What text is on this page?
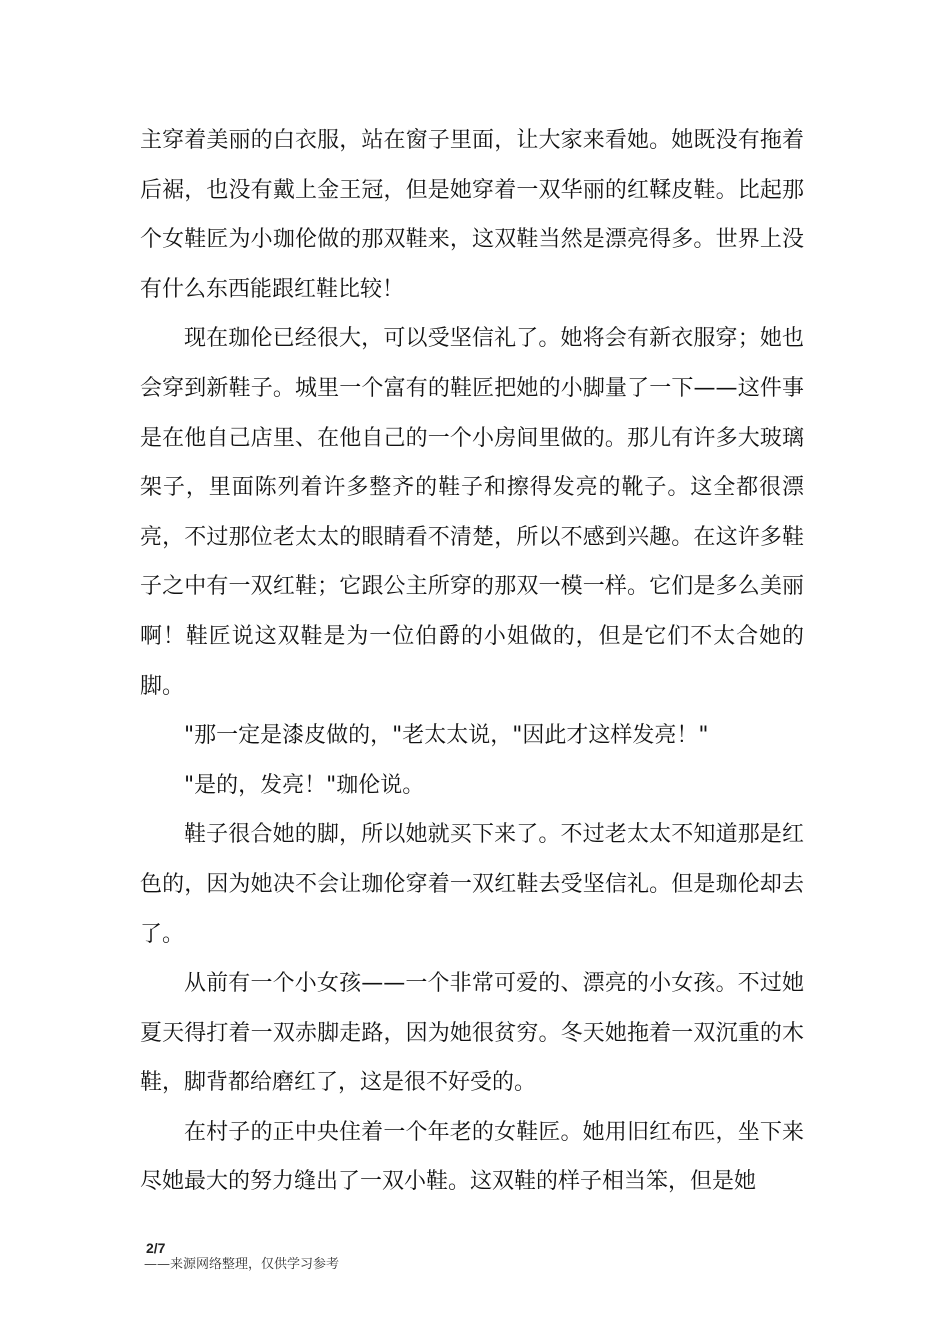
主穿着美丽的白衣服，站在窗子里面，让大家来看她。她既没有拖着后裾，也没有戴上金王冠，但是她穿着一双华丽的红鞣皮鞋。比起那个女鞋匠为小珈伦做的那双鞋来，这双鞋当然是漂亮得多。世界上没有什么东西能跟红鞋比较！

现在珈伦已经很大，可以受坚信礼了。她将会有新衣服穿；她也会穿到新鞋子。城里一个富有的鞋匠把她的小脚量了一下——这件事是在他自己店里、在他自己的一个小房间里做的。那儿有许多大玻璃架子，里面陈列着许多整齐的鞋子和擦得发亮的靴子。这全都很漂亮，不过那位老太太的眼睛看不清楚，所以不感到兴趣。在这许多鞋子之中有一双红鞋；它跟公主所穿的那双一模一样。它们是多么美丽啊！鞋匠说这双鞋是为一位伯爵的小姐做的，但是它们不太合她的脚。

"那一定是漆皮做的，"老太太说，"因此才这样发亮！"

"是的，发亮！"珈伦说。

鞋子很合她的脚，所以她就买下来了。不过老太太不知道那是红色的，因为她决不会让珈伦穿着一双红鞋去受坚信礼。但是珈伦却去了。

从前有一个小女孩——一个非常可爱的、漂亮的小女孩。不过她夏天得打着一双赤脚走路，因为她很贫穷。冬天她拖着一双沉重的木鞋，脚背都给磨红了，这是很不好受的。

在村子的正中央住着一个年老的女鞋匠。她用旧红布匹，坐下来尽她最大的努力缝出了一双小鞋。这双鞋的样子相当笨，但是她

2/7
——来源网络整理，仅供学习参考
